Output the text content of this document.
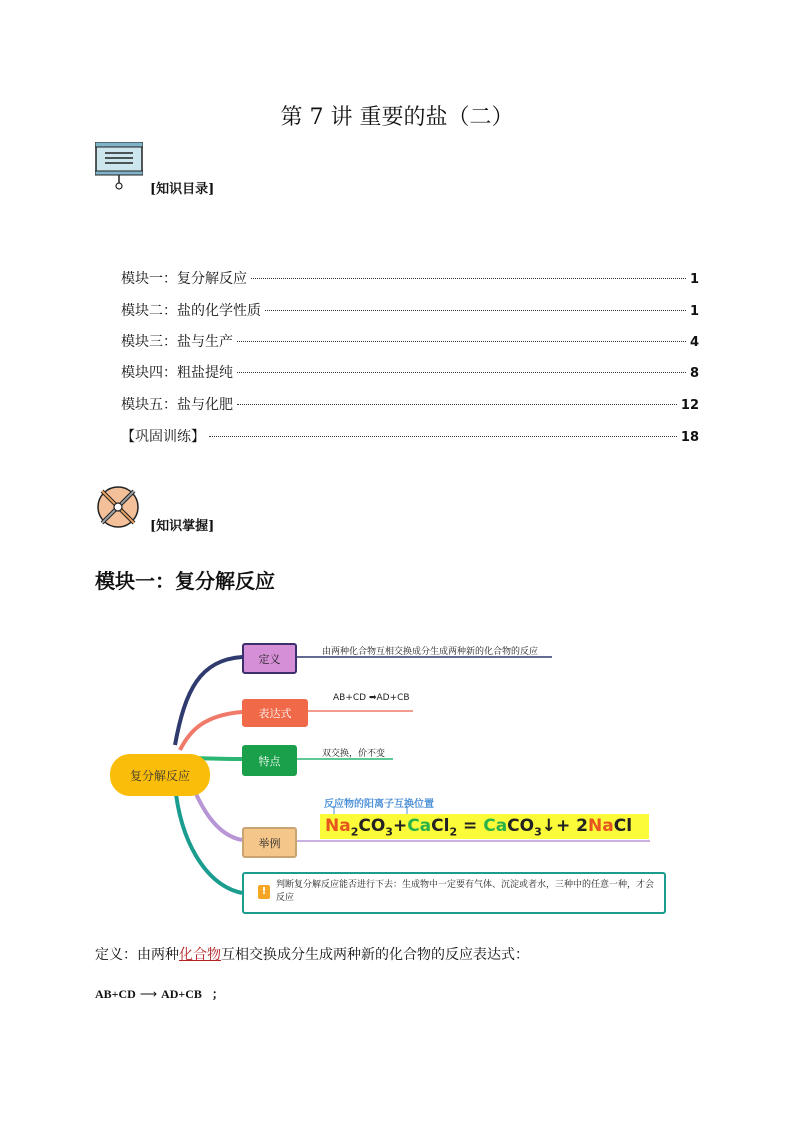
第 7 讲 重要的盐（二）
[知识目录]
模块一：复分解反应	1
模块二：盐的化学性质	1
模块三：盐与生产	4
模块四：粗盐提纯	8
模块五：盐与化肥	12
【巩固训练】	18
[知识掌握]
模块一：复分解反应
复分解反应
定义
由两种化合物互相交换成分生成两种新的化合物的反应
表达式
AB+CD ➡AD+CB
特点
双交换，价不变
举例
反应物的阳离子互换位置
$Na_2CO_3+CaCl_2$ = CaCO$_3$↓+ 2NaCl
!
判断复分解反应能否进行下去：生成物中一定要有气体、沉淀或者水，三种中的任意一种，才会反应
定义：由两种化合物互相交换成分生成两种新的化合物的反应表达式：
AB+CD ⟶ AD+CB ；
